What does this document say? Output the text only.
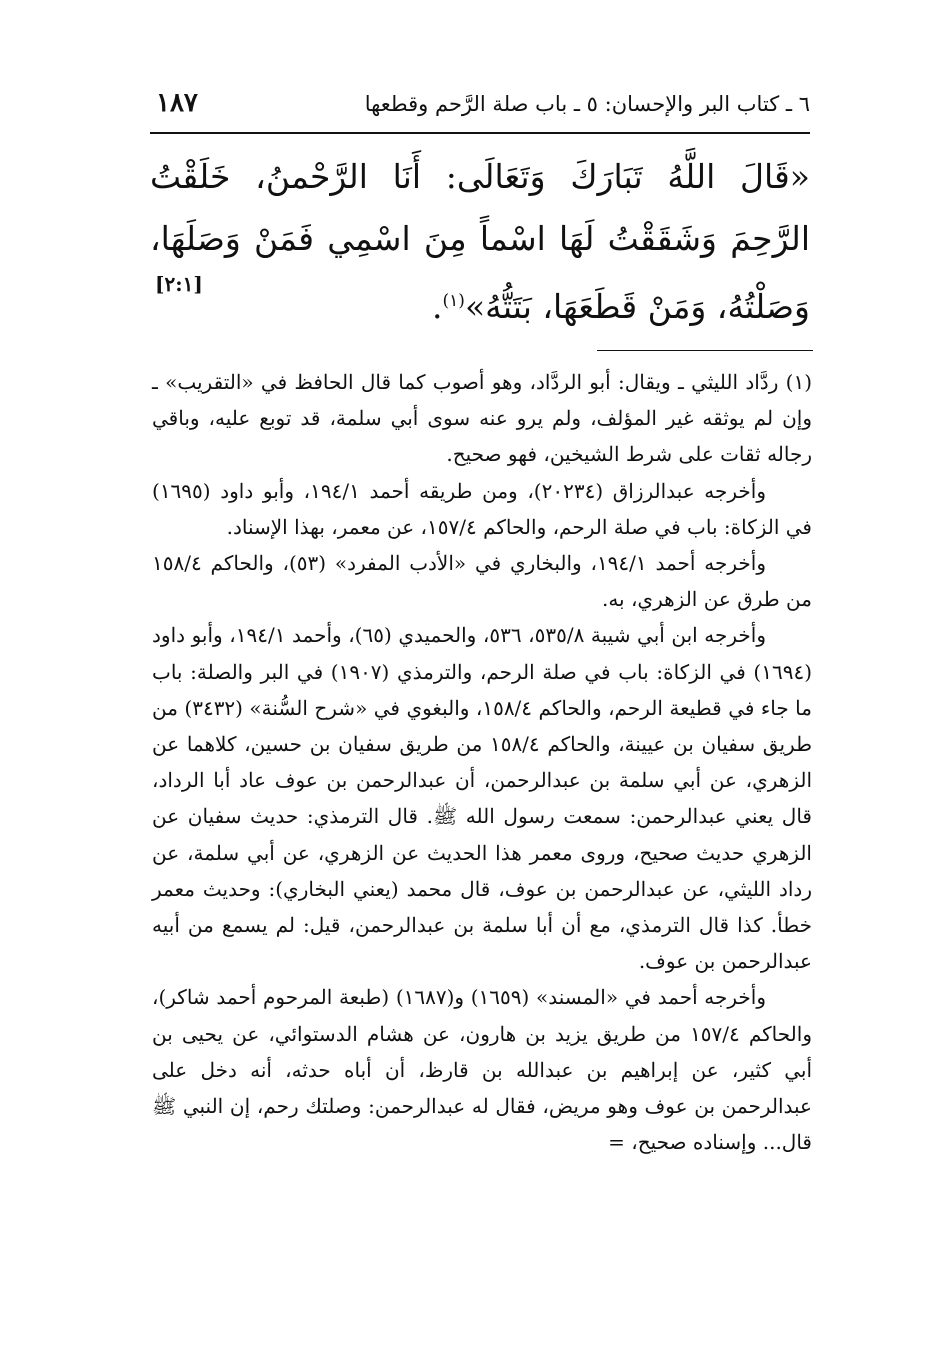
٦ ـ كتاب البر والإحسان: ٥ ـ باب صلة الرَّحم وقطعها
١٨٧
«قَالَ اللَّهُ تَبَارَكَ وَتَعَالَى: أَنَا الرَّحْمنُ، خَلَقْتُ الرَّحِمَ وَشَقَقْتُ لَهَا اسْماً مِنَ اسْمِي فَمَنْ وَصَلَهَا، وَصَلْتُهُ، وَمَنْ قَطَعَهَا، بَتَتُّهُ»$^{(١)}$.
[٢:١]

(١) ردَّاد الليثي ـ ويقال: أبو الردَّاد، وهو أصوب كما قال الحافظ في «التقريب» ـ وإن لم يوثقه غير المؤلف، ولم يرو عنه سوى أبي سلمة، قد توبع عليه، وباقي رجاله ثقات على شرط الشيخين، فهو صحيح.

وأخرجه عبدالرزاق (٢٠٢٣٤)، ومن طريقه أحمد ١٩٤/١، وأبو داود (١٦٩٥) في الزكاة: باب في صلة الرحم، والحاكم ١٥٧/٤، عن معمر، بهذا الإسناد.

وأخرجه أحمد ١٩٤/١، والبخاري في «الأدب المفرد» (٥٣)، والحاكم ١٥٨/٤ من طرق عن الزهري، به.

وأخرجه ابن أبي شيبة ٥٣٥/٨، ٥٣٦، والحميدي (٦٥)، وأحمد ١٩٤/١، وأبو داود (١٦٩٤) في الزكاة: باب في صلة الرحم، والترمذي (١٩٠٧) في البر والصلة: باب ما جاء في قطيعة الرحم، والحاكم ١٥٨/٤، والبغوي في «شرح السُّنة» (٣٤٣٢) من طريق سفيان بن عيينة، والحاكم ١٥٨/٤ من طريق سفيان بن حسين، كلاهما عن الزهري، عن أبي سلمة بن عبدالرحمن، أن عبدالرحمن بن عوف عاد أبا الرداد، قال يعني عبدالرحمن: سمعت رسول الله ﷺ. قال الترمذي: حديث سفيان عن الزهري حديث صحيح، وروى معمر هذا الحديث عن الزهري، عن أبي سلمة، عن رداد الليثي، عن عبدالرحمن بن عوف، قال محمد (يعني البخاري): وحديث معمر خطأ. كذا قال الترمذي، مع أن أبا سلمة بن عبدالرحمن، قيل: لم يسمع من أبيه عبدالرحمن بن عوف.

وأخرجه أحمد في «المسند» (١٦٥٩) و(١٦٨٧) (طبعة المرحوم أحمد شاكر)، والحاكم ١٥٧/٤ من طريق يزيد بن هارون، عن هشام الدستوائي، عن يحيى بن أبي كثير، عن إبراهيم بن عبدالله بن قارظ، أن أباه حدثه، أنه دخل على عبدالرحمن بن عوف وهو مريض، فقال له عبدالرحمن: وصلتك رحم، إن النبي ﷺ قال... وإسناده صحيح، =
